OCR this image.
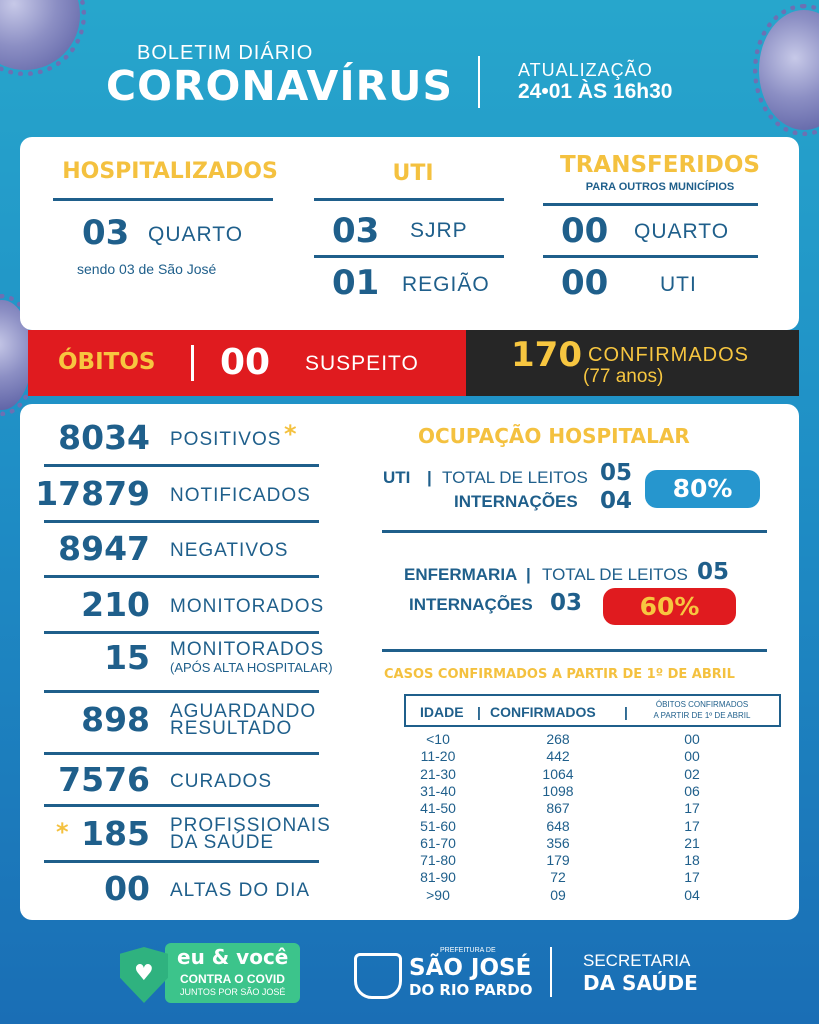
BOLETIM DIÁRIO
CORONAVÍRUS	ATUALIZAÇÃO
24•01 ÀS 16h30
HOSPITALIZADOS
03 QUARTO
sendo 03 de São José
UTI
03 SJRP
01 REGIÃO
TRANSFERIDOS
PARA OUTROS MUNICÍPIOS
00 QUARTO
00 UTI
ÓBITOS 00 SUSPEITO	170 CONFIRMADOS
(77 anos)
8034 POSITIVOS *
17879 NOTIFICADOS
8947 NEGATIVOS
210 MONITORADOS
15 MONITORADOS
(APÓS ALTA HOSPITALAR)
898 AGUARDANDO
RESULTADO
7576 CURADOS
185 PROFISSIONAIS
DA SAÚDE
*
00 ALTAS DO DIA
OCUPAÇÃO HOSPITALAR
UTI | TOTAL DE LEITOS 05
INTERNAÇÕES 04	80%
ENFERMARIA | TOTAL DE LEITOS 05
INTERNAÇÕES 03	60%
CASOS CONFIRMADOS A PARTIR DE 1º DE ABRIL
IDADE | CONFIRMADOS |	ÓBITOS CONFIRMADOS
A PARTIR DE 1º DE ABRIL
<10	268	00
11-20	442	00
21-30	1064	02
31-40	1098	06
41-50	867	17
51-60	648	17
61-70	356	21
71-80	179	18
81-90	72	17
>90	09	04
♥
eu & você
CONTRA O COVID
JUNTOS POR SÃO JOSÉ
PREFEITURA DE
SÃO JOSÉ
DO RIO PARDO
SECRETARIA
DA SAÚDE
